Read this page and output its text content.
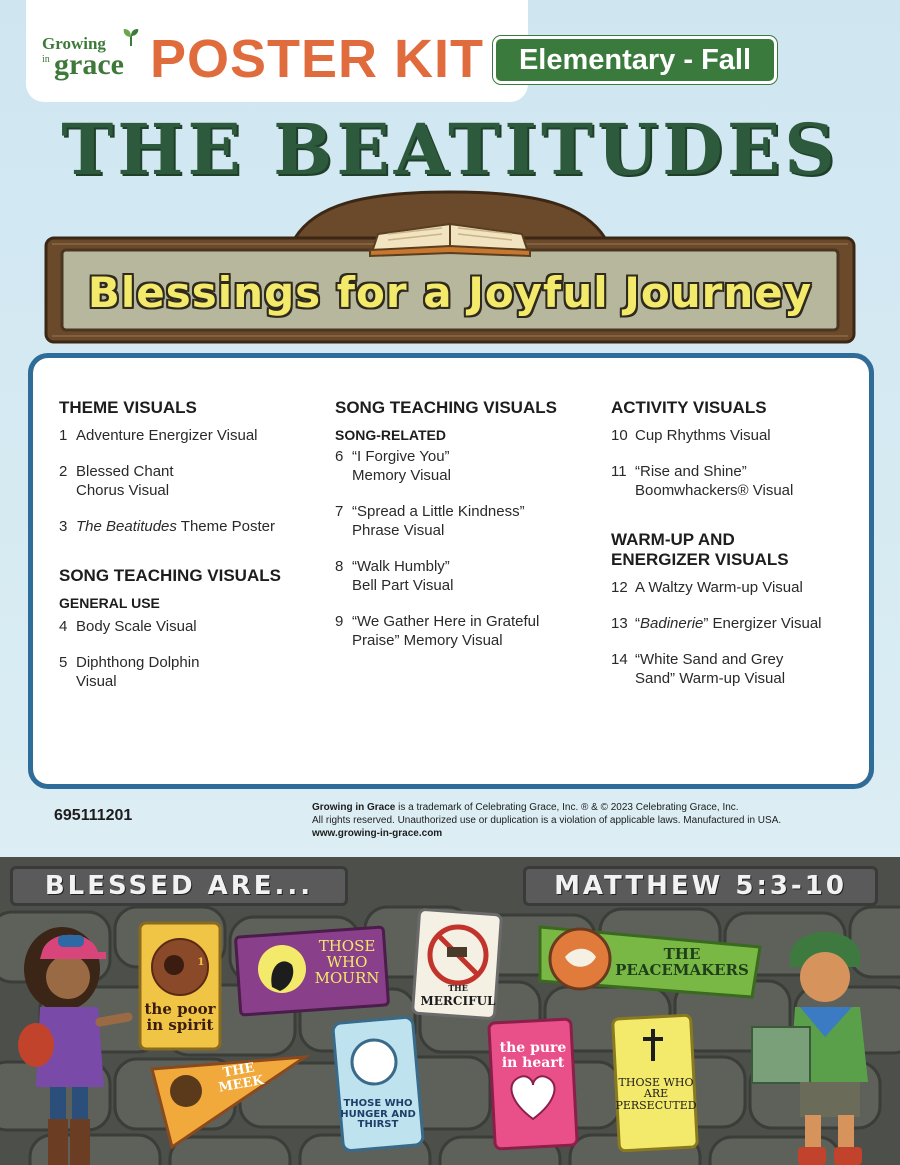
Growing
in grace POSTER KIT	Elementary - Fall
THE BEATITUDES
Blessings for a Joyful Journey
THEME VISUALS
1 Adventure Energizer Visual
2 Blessed Chant
Chorus Visual
3 The Beatitudes Theme Poster
SONG TEACHING VISUALS
GENERAL USE
4 Body Scale Visual
5 Diphthong Dolphin
Visual
SONG TEACHING VISUALS
SONG-RELATED
6 “I Forgive You”
Memory Visual
7 “Spread a Little Kindness”
Phrase Visual
8 “Walk Humbly”
Bell Part Visual
9 “We Gather Here in Grateful
Praise” Memory Visual
ACTIVITY VISUALS
10 Cup Rhythms Visual
11 “Rise and Shine”
Boomwhackers® Visual
WARM-UP AND
ENERGIZER VISUALS
12 A Waltzy Warm-up Visual
13 “Badinerie” Energizer Visual
14 “White Sand and Grey
Sand” Warm-up Visual
695111201	Growing in Grace is a trademark of Celebrating Grace, Inc. ® & © 2023 Celebrating Grace, Inc.
All rights reserved. Unauthorized use or duplication is a violation of applicable laws. Manufactured in USA.
www.growing-in-grace.com
the poor in spirit
1
THOSE WHO MOURN
THE
MERCIFUL
THE PEACEMAKERS
THE MEEK
THOSE WHO HUNGER AND THIRST
the pure in heart
THOSE WHO ARE PERSECUTED
BLESSED ARE...	MATTHEW 5:3-10
